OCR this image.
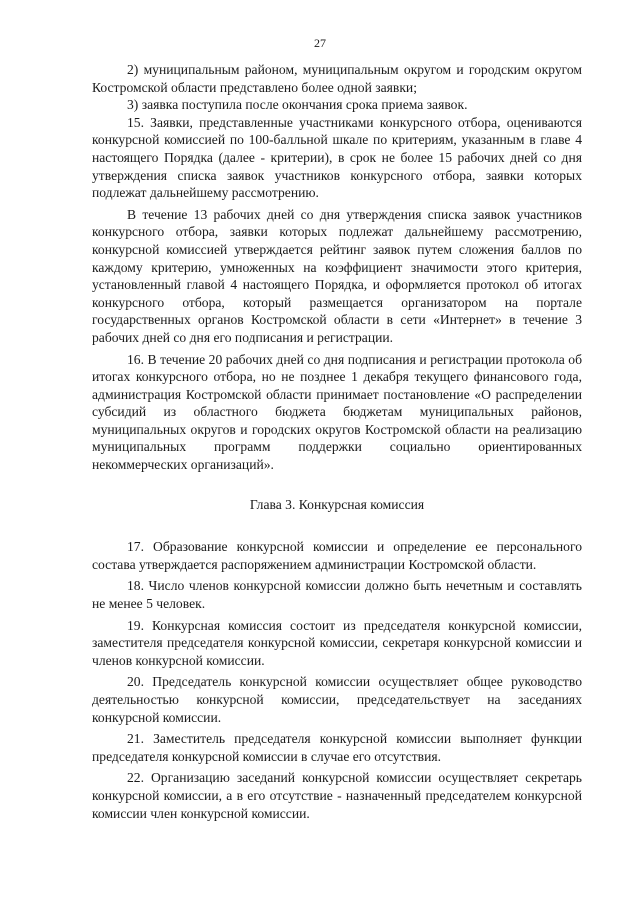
27

2) муниципальным районом, муниципальным округом и городским округом Костромской области представлено более одной заявки;

3) заявка поступила после окончания срока приема заявок.

15. Заявки, представленные участниками конкурсного отбора, оцениваются конкурсной комиссией по 100-балльной шкале по критериям, указанным в главе 4 настоящего Порядка (далее - критерии), в срок не более 15 рабочих дней со дня утверждения списка заявок участников конкурсного отбора, заявки которых подлежат дальнейшему рассмотрению.

В течение 13 рабочих дней со дня утверждения списка заявок участников конкурсного отбора, заявки которых подлежат дальнейшему рассмотрению, конкурсной комиссией утверждается рейтинг заявок путем сложения баллов по каждому критерию, умноженных на коэффициент значимости этого критерия, установленный главой 4 настоящего Порядка, и оформляется протокол об итогах конкурсного отбора, который размещается организатором на портале государственных органов Костромской области в сети «Интернет» в течение 3 рабочих дней со дня его подписания и регистрации.

16. В течение 20 рабочих дней со дня подписания и регистрации протокола об итогах конкурсного отбора, но не позднее 1 декабря текущего финансового года, администрация Костромской области принимает постановление «О распределении субсидий из областного бюджета бюджетам муниципальных районов, муниципальных округов и городских округов Костромской области на реализацию муниципальных программ поддержки социально ориентированных некоммерческих организаций».

Глава 3. Конкурсная комиссия

17. Образование конкурсной комиссии и определение ее персонального состава утверждается распоряжением администрации Костромской области.

18. Число членов конкурсной комиссии должно быть нечетным и составлять не менее 5 человек.

19. Конкурсная комиссия состоит из председателя конкурсной комиссии, заместителя председателя конкурсной комиссии, секретаря конкурсной комиссии и членов конкурсной комиссии.

20. Председатель конкурсной комиссии осуществляет общее руководство деятельностью конкурсной комиссии, председательствует на заседаниях конкурсной комиссии.

21. Заместитель председателя конкурсной комиссии выполняет функции председателя конкурсной комиссии в случае его отсутствия.

22. Организацию заседаний конкурсной комиссии осуществляет секретарь конкурсной комиссии, а в его отсутствие - назначенный председателем конкурсной комиссии член конкурсной комиссии.
